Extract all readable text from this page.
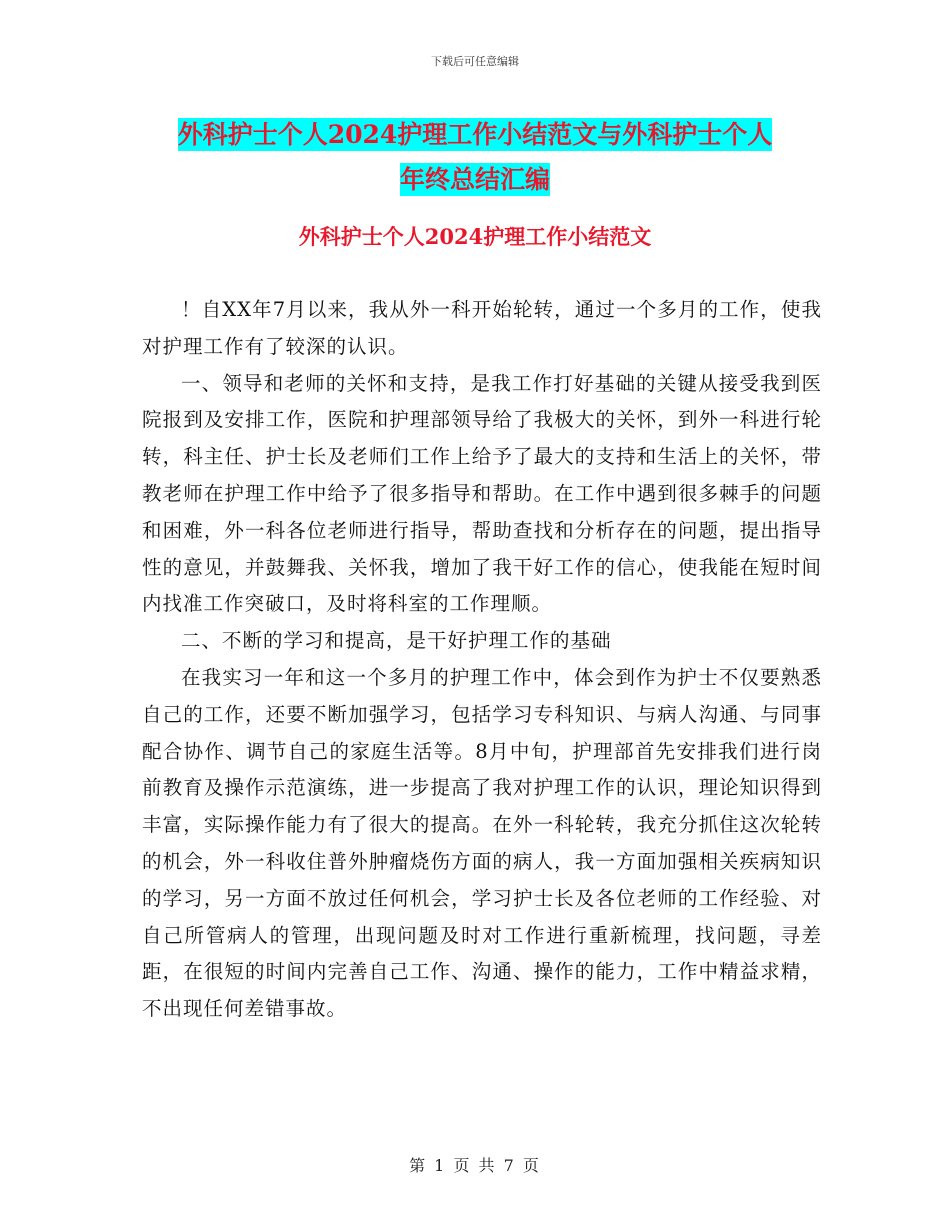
下载后可任意编辑
外科护士个人2024护理工作小结范文与外科护士个人
年终总结汇编
外科护士个人2024护理工作小结范文

！自XX年7月以来，我从外一科开始轮转，通过一个多月的工作，使我对护理工作有了较深的认识。

一、领导和老师的关怀和支持，是我工作打好基础的关键从接受我到医院报到及安排工作，医院和护理部领导给了我极大的关怀，到外一科进行轮转，科主任、护士长及老师们工作上给予了最大的支持和生活上的关怀，带教老师在护理工作中给予了很多指导和帮助。在工作中遇到很多棘手的问题和困难，外一科各位老师进行指导，帮助查找和分析存在的问题，提出指导性的意见，并鼓舞我、关怀我，增加了我干好工作的信心，使我能在短时间内找准工作突破口，及时将科室的工作理顺。

二、不断的学习和提高，是干好护理工作的基础

在我实习一年和这一个多月的护理工作中，体会到作为护士不仅要熟悉自己的工作，还要不断加强学习，包括学习专科知识、与病人沟通、与同事配合协作、调节自己的家庭生活等。8月中旬，护理部首先安排我们进行岗前教育及操作示范演练，进一步提高了我对护理工作的认识，理论知识得到丰富，实际操作能力有了很大的提高。在外一科轮转，我充分抓住这次轮转的机会，外一科收住普外肿瘤烧伤方面的病人，我一方面加强相关疾病知识的学习，另一方面不放过任何机会，学习护士长及各位老师的工作经验、对自己所管病人的管理，出现问题及时对工作进行重新梳理，找问题，寻差距，在很短的时间内完善自己工作、沟通、操作的能力，工作中精益求精，不出现任何差错事故。

第 1 页 共 7 页
